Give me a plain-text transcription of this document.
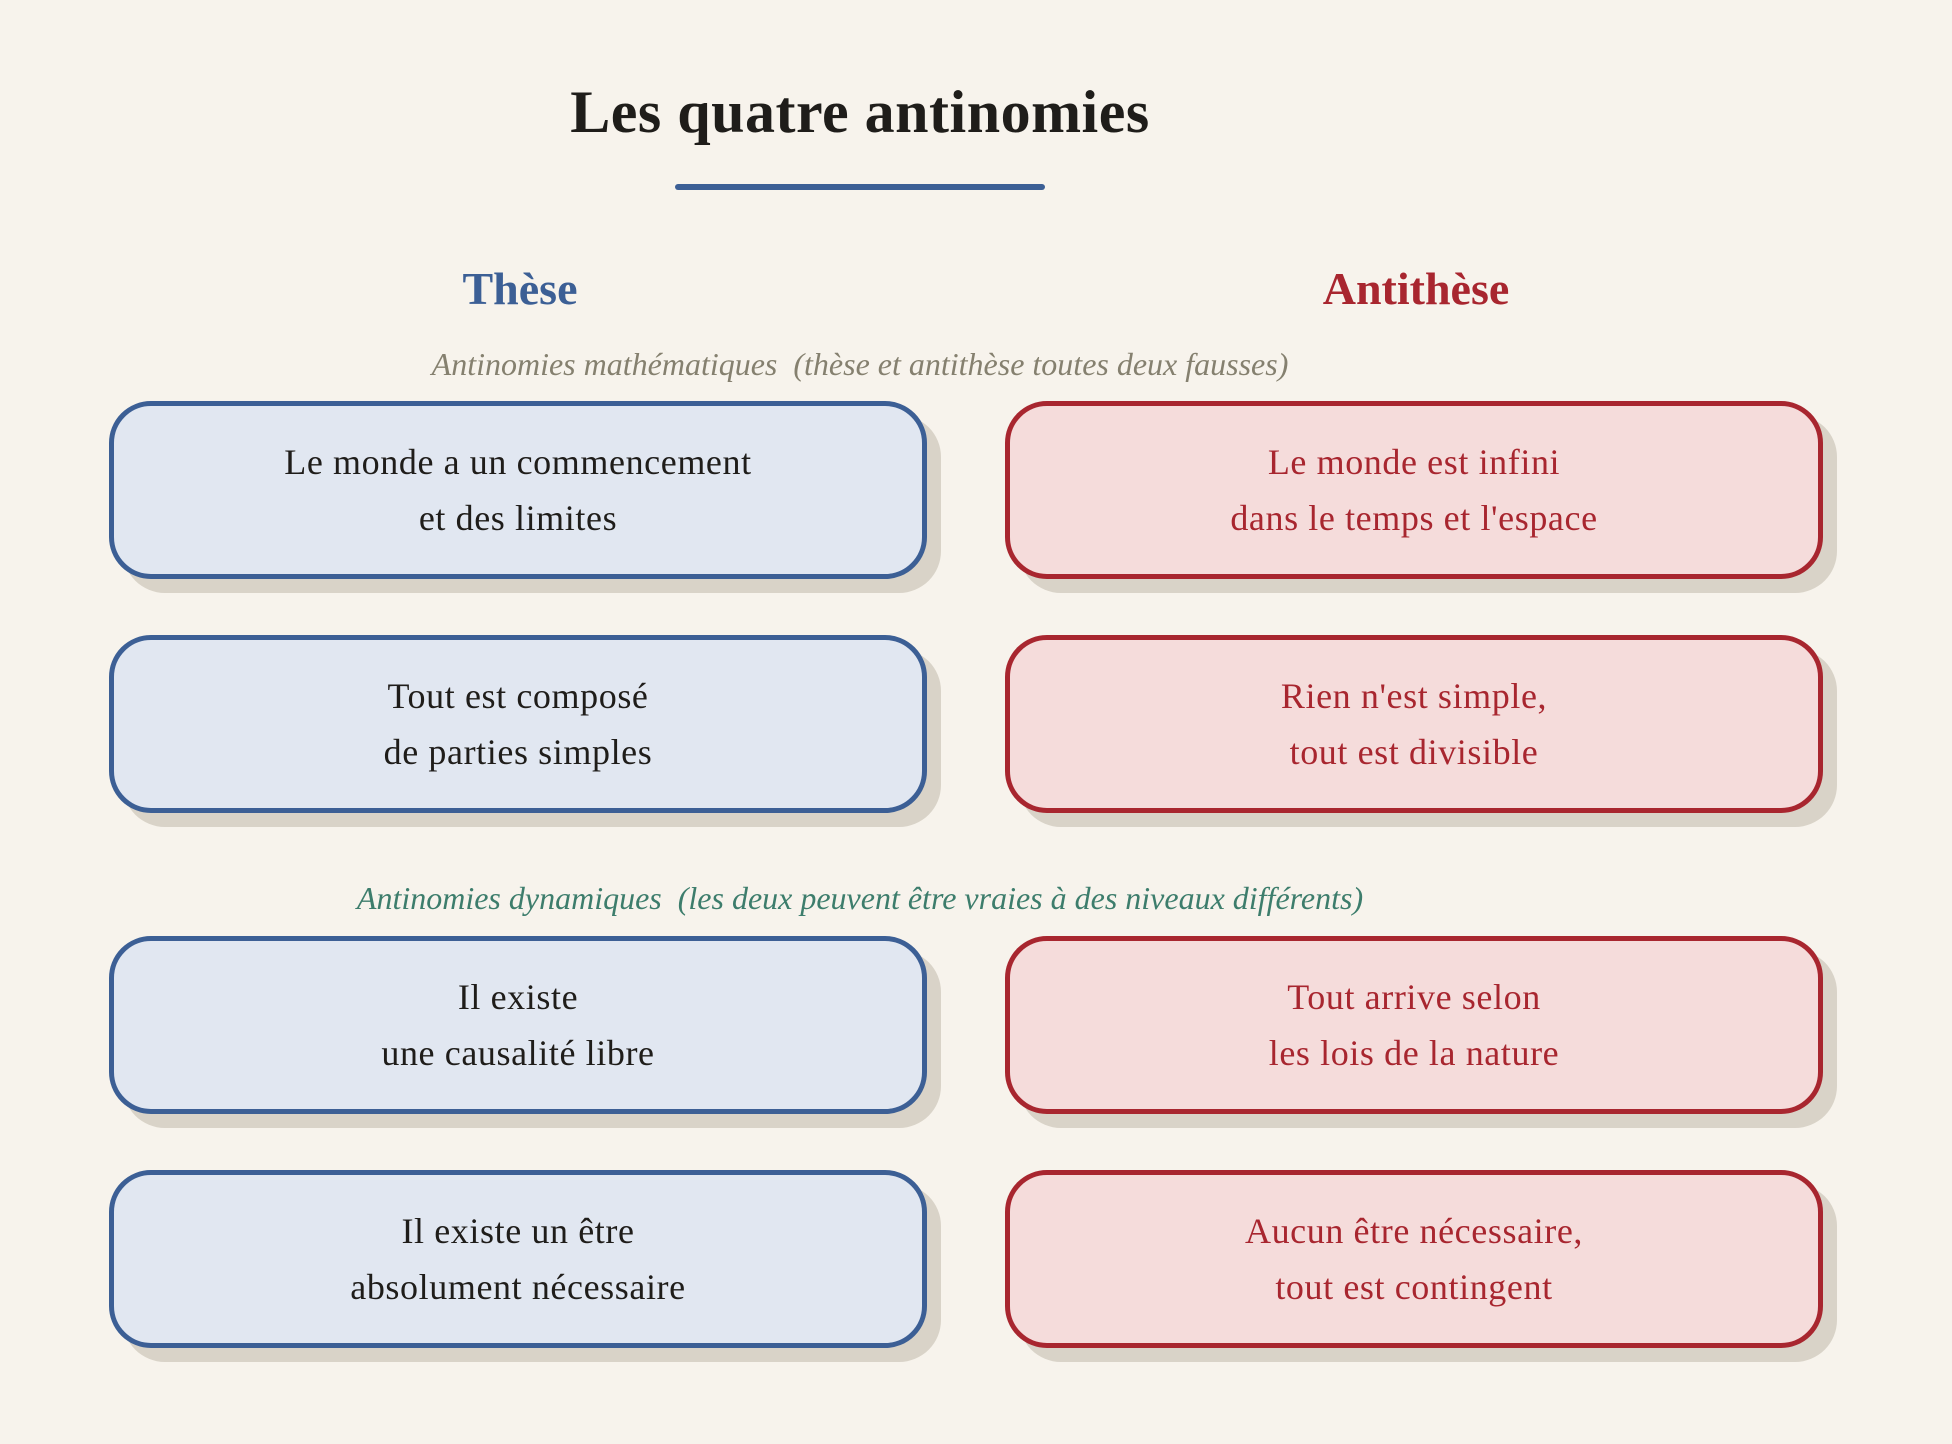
Les quatre antinomies
Thèse	Antithèse
Antinomies mathématiques  (thèse et antithèse toutes deux fausses)
Le monde a un commencement
et des limites
Le monde est infini
dans le temps et l'espace
Tout est composé
de parties simples
Rien n'est simple,
tout est divisible
Antinomies dynamiques  (les deux peuvent être vraies à des niveaux différents)
Il existe
une causalité libre
Tout arrive selon
les lois de la nature
Il existe un être
absolument nécessaire
Aucun être nécessaire,
tout est contingent
